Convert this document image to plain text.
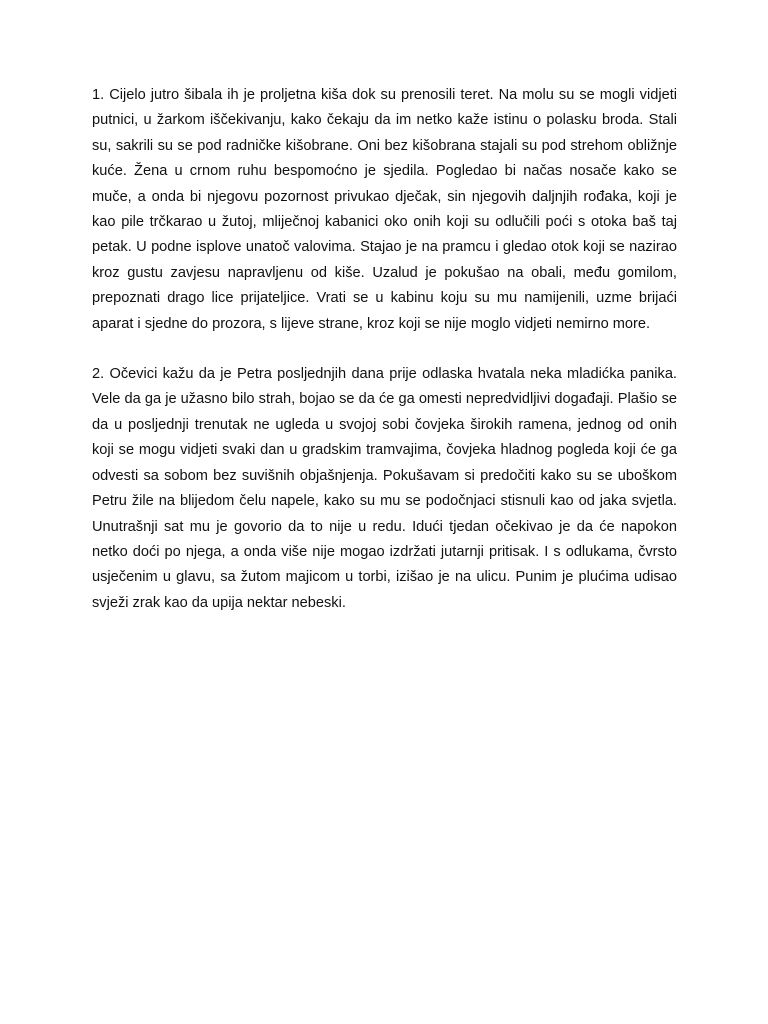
1. Cijelo jutro šibala ih je proljetna kiša dok su prenosili teret. Na molu su se mogli vidjeti putnici, u žarkom iščekivanju, kako čekaju da im netko kaže istinu o polasku broda. Stali su, sakrili su se pod radničke kišobrane. Oni bez kišobrana stajali su pod strehom obližnje kuće. Žena u crnom ruhu bespomoćno je sjedila. Pogledao bi načas nosače kako se muče, a onda bi njegovu pozornost privukao dječak, sin njegovih daljnjih rođaka, koji je kao pile trčkarao u žutoj, mliječnoj kabanici oko onih koji su odlučili poći s otoka baš taj petak. U podne isplove unatoč valovima. Stajao je na pramcu i gledao otok koji se nazirao kroz gustu zavjesu napravljenu od kiše. Uzalud je pokušao na obali, među gomilom, prepoznati drago lice prijateljice. Vrati se u kabinu koju su mu namijenili, uzme brijaći aparat i sjedne do prozora, s lijeve strane, kroz koji se nije moglo vidjeti nemirno more.

2. Očevici kažu da je Petra posljednjih dana prije odlaska hvatala neka mladićka panika. Vele da ga je užasno bilo strah, bojao se da će ga omesti nepredvidljivi događaji. Plašio se da u posljednji trenutak ne ugleda u svojoj sobi čovjeka širokih ramena, jednog od onih koji se mogu vidjeti svaki dan u gradskim tramvajima, čovjeka hladnog pogleda koji će ga odvesti sa sobom bez suvišnih objašnjenja. Pokušavam si predočiti kako su se uboškom Petru žile na blijedom čelu napele, kako su mu se podočnjaci stisnuli kao od jaka svjetla. Unutrašnji sat mu je govorio da to nije u redu. Idući tjedan očekivao je da će napokon netko doći po njega, a onda više nije mogao izdržati jutarnji pritisak. I s odlukama, čvrsto usječenim u glavu, sa žutom majicom u torbi, izišao je na ulicu. Punim je plućima udisao svježi zrak kao da upija nektar nebeski.
